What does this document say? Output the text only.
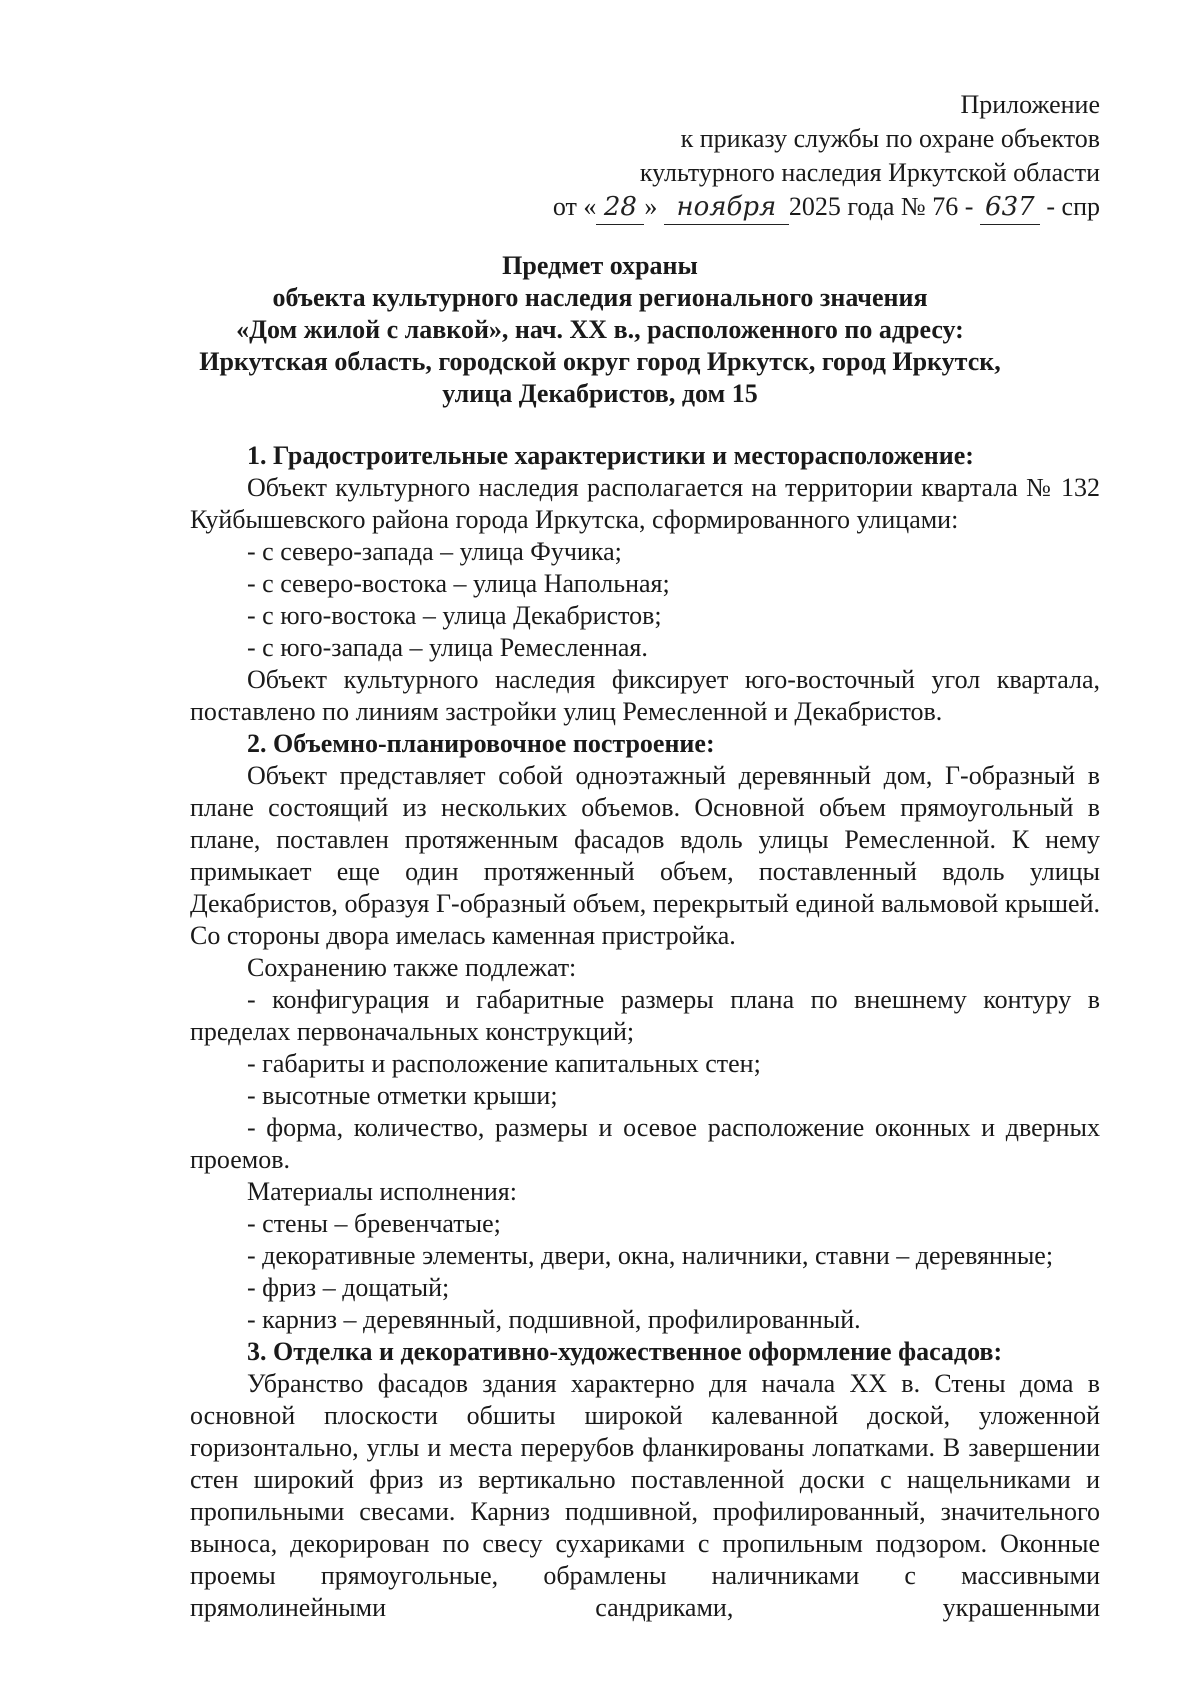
Приложение
к приказу службы по охране объектов
культурного наследия Иркутской области
от « 28 » ноября 2025 года № 76 - 637 - спр
Предмет охраны
объекта культурного наследия регионального значения
«Дом жилой с лавкой», нач. XX в., расположенного по адресу:
Иркутская область, городской округ город Иркутск, город Иркутск,
улица Декабристов, дом 15

1. Градостроительные характеристики и месторасположение:

Объект культурного наследия располагается на территории квартала № 132 Куйбышевского района города Иркутска, сформированного улицами:

- с северо-запада – улица Фучика;

- с северо-востока – улица Напольная;

- с юго-востока – улица Декабристов;

- с юго-запада – улица Ремесленная.

Объект культурного наследия фиксирует юго-восточный угол квартала, поставлено по линиям застройки улиц Ремесленной и Декабристов.

2. Объемно-планировочное построение:

Объект представляет собой одноэтажный деревянный дом, Г-образный в плане состоящий из нескольких объемов. Основной объем прямоугольный в плане, поставлен протяженным фасадов вдоль улицы Ремесленной. К нему примыкает еще один протяженный объем, поставленный вдоль улицы Декабристов, образуя Г-образный объем, перекрытый единой вальмовой крышей. Со стороны двора имелась каменная пристройка.

Сохранению также подлежат:

- конфигурация и габаритные размеры плана по внешнему контуру в пределах первоначальных конструкций;

- габариты и расположение капитальных стен;

- высотные отметки крыши;

- форма, количество, размеры и осевое расположение оконных и дверных проемов.

Материалы исполнения:

- стены – бревенчатые;

- декоративные элементы, двери, окна, наличники, ставни – деревянные;

- фриз – дощатый;

- карниз – деревянный, подшивной, профилированный.

3. Отделка и декоративно-художественное оформление фасадов:

Убранство фасадов здания характерно для начала XX в. Стены дома в основной плоскости обшиты широкой калеванной доской, уложенной горизонтально, углы и места перерубов фланкированы лопатками. В завершении стен широкий фриз из вертикально поставленной доски с нащельниками и пропильными свесами. Карниз подшивной, профилированный, значительного выноса, декорирован по свесу сухариками с пропильным подзором. Оконные проемы прямоугольные, обрамлены наличниками с массивными прямолинейными сандриками, украшенными
